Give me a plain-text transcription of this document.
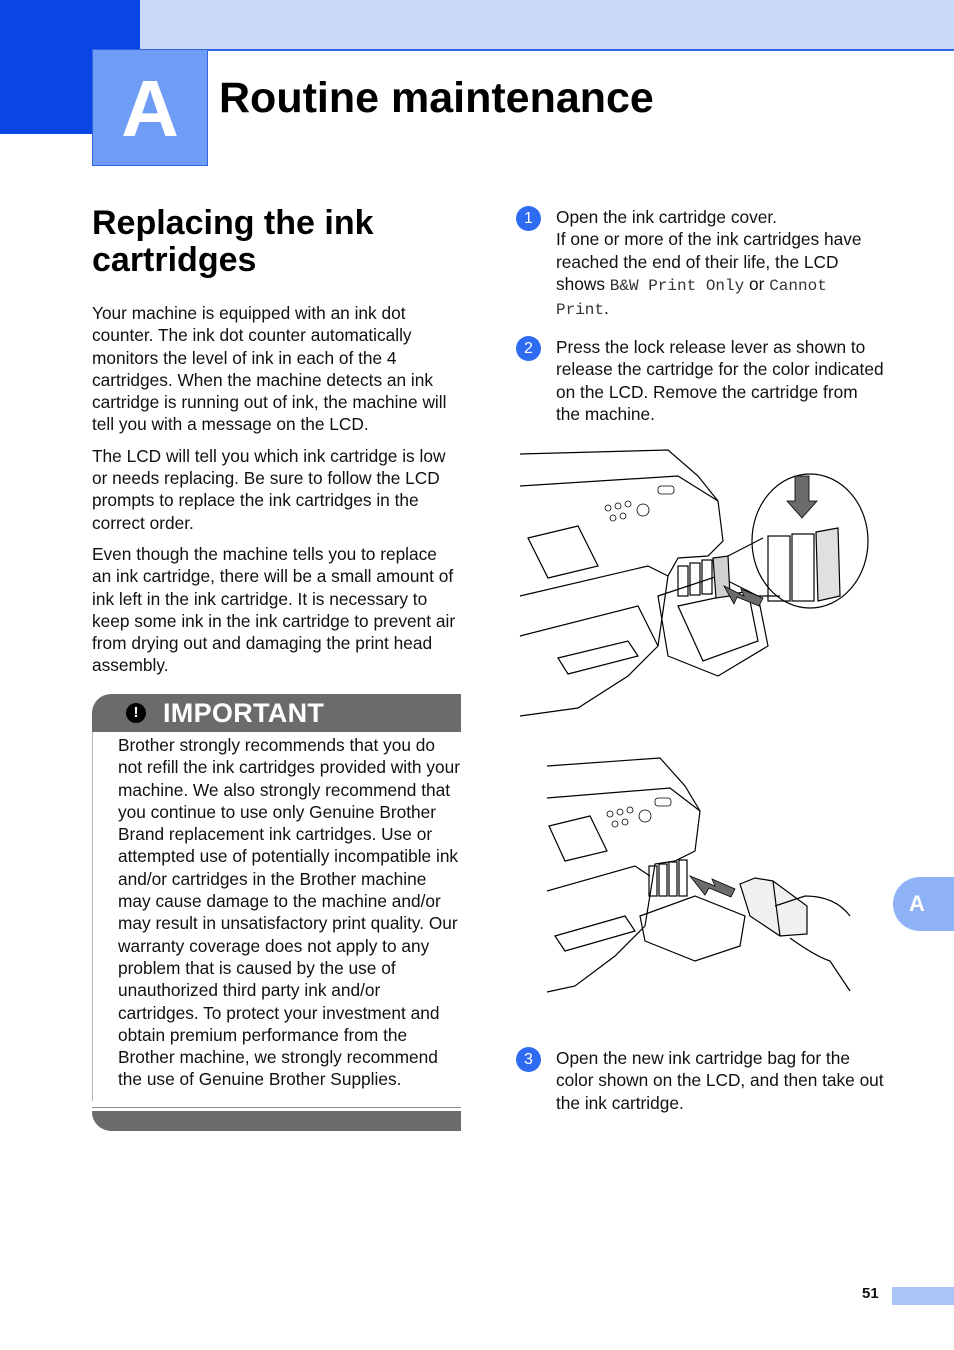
A Routine maintenance
Replacing the ink cartridges

Your machine is equipped with an ink dot counter. The ink dot counter automatically monitors the level of ink in each of the 4 cartridges. When the machine detects an ink cartridge is running out of ink, the machine will tell you with a message on the LCD.

The LCD will tell you which ink cartridge is low or needs replacing. Be sure to follow the LCD prompts to replace the ink cartridges in the correct order.

Even though the machine tells you to replace an ink cartridge, there will be a small amount of ink left in the ink cartridge. It is necessary to keep some ink in the ink cartridge to prevent air from drying out and damaging the print head assembly.

! IMPORTANT
Brother strongly recommends that you do not refill the ink cartridges provided with your machine. We also strongly recommend that you continue to use only Genuine Brother Brand replacement ink cartridges. Use or attempted use of potentially incompatible ink and/or cartridges in the Brother machine may cause damage to the machine and/or may result in unsatisfactory print quality. Our warranty coverage does not apply to any problem that is caused by the use of unauthorized third party ink and/or cartridges. To protect your investment and obtain premium performance from the Brother machine, we strongly recommend the use of Genuine Brother Supplies.
1	Open the ink cartridge cover.
If one or more of the ink cartridges have reached the end of their life, the LCD shows B&W Print Only or Cannot Print.
2	Press the lock release lever as shown to release the cartridge for the color indicated on the LCD. Remove the cartridge from the machine.
3	Open the new ink cartridge bag for the color shown on the LCD, and then take out the ink cartridge.
A
51
